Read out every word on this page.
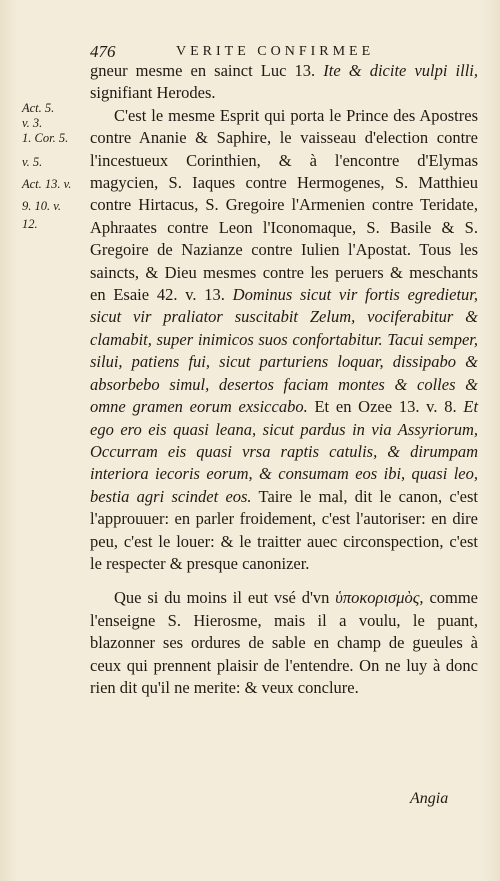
476	VERITE CONFIRMEE
Act. 5.
v. 3.
1. Cor. 5.
v. 5.
Act. 13. v.
9. 10. v.
12.

gneur mesme en sainct Luc 13. Ite & dicite vulpi illi, signifiant Herodes.

C'est le mesme Esprit qui porta le Prince des Apostres contre Ananie & Saphire, le vaisseau d'election contre l'incestueux Corinthien, & à l'encontre d'Elymas magycien, S. Iaques contre Hermogenes, S. Matthieu contre Hirtacus, S. Gregoire l'Armenien contre Teridate, Aphraates contre Leon l'Iconomaque, S. Basile & S. Gregoire de Nazianze contre Iulien l'Apostat. Tous les saincts, & Dieu mesmes contre les peruers & meschants en Esaie 42. v. 13. Dominus sicut vir fortis egredietur, sicut vir praliator suscitabit Zelum, vociferabitur & clamabit, super inimicos suos confortabitur. Tacui semper, silui, patiens fui, sicut parturiens loquar, dissipabo & absorbebo simul, desertos faciam montes & colles & omne gramen eorum exsiccabo. Et en Ozee 13. v. 8. Et ego ero eis quasi leana, sicut pardus in via Assyriorum, Occurram eis quasi vrsa raptis catulis, & dirumpam interiora iecoris eorum, & consumam eos ibi, quasi leo, bestia agri scindet eos. Taire le mal, dit le canon, c'est l'approuuer: en parler froidement, c'est l'autoriser: en dire peu, c'est le louer: & le traitter auec circonspection, c'est le respecter & presque canonizer.

Que si du moins il eut vsé d'vn ὑποκορισμὸς, comme l'enseigne S. Hierosme, mais il a voulu, le puant, blazonner ses ordures de sable en champ de gueules à ceux qui prennent plaisir de l'entendre. On ne luy à donc rien dit qu'il ne merite: & veux conclure.

Angia
